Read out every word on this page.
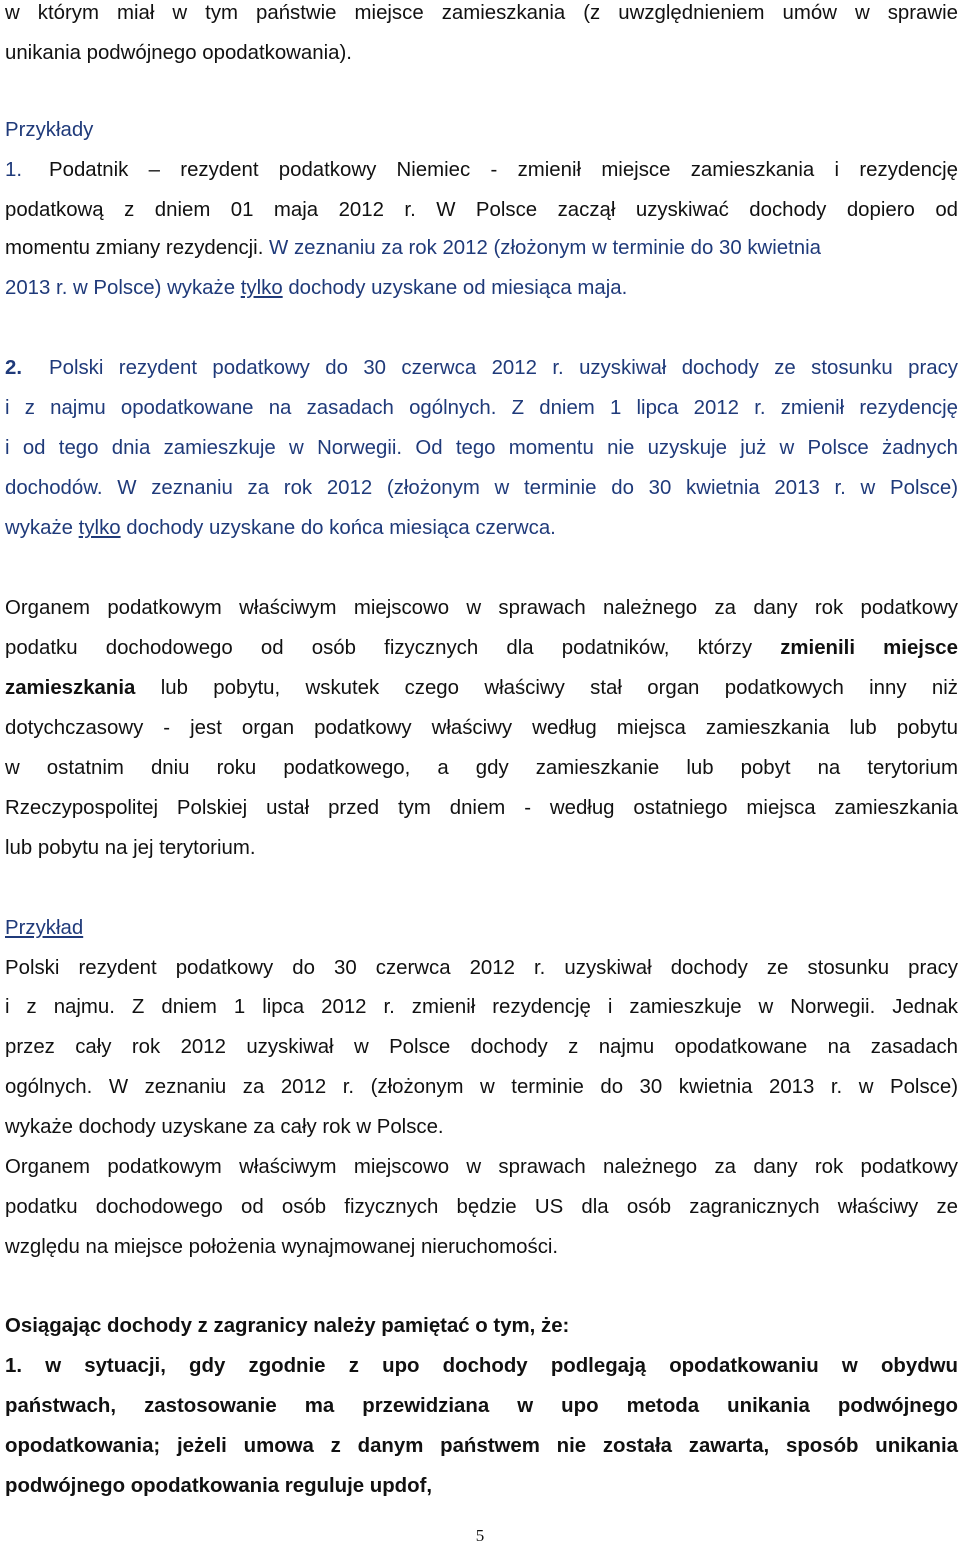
w którym miał w tym państwie miejsce zamieszkania (z uwzględnieniem umów w sprawie
unikania podwójnego opodatkowania).
Przykłady
1. Podatnik – rezydent podatkowy Niemiec - zmienił miejsce zamieszkania i rezydencję
podatkową z dniem 01 maja 2012 r. W Polsce zaczął uzyskiwać dochody dopiero od
momentu zmiany rezydencji. W zeznaniu za rok 2012 (złożonym w terminie do 30 kwietnia
2013 r. w Polsce) wykaże tylko dochody uzyskane od miesiąca maja.
2. Polski rezydent podatkowy do 30 czerwca 2012 r. uzyskiwał dochody ze stosunku pracy
i z najmu opodatkowane na zasadach ogólnych. Z dniem 1 lipca 2012 r. zmienił rezydencję
i od tego dnia zamieszkuje w Norwegii. Od tego momentu nie uzyskuje już w Polsce żadnych
dochodów. W zeznaniu za rok 2012 (złożonym w terminie do 30 kwietnia 2013 r. w Polsce)
wykaże tylko dochody uzyskane do końca miesiąca czerwca.
Organem podatkowym właściwym miejscowo w sprawach należnego za dany rok podatkowy
podatku dochodowego od osób fizycznych dla podatników, którzy zmienili miejsce
zamieszkania lub pobytu, wskutek czego właściwy stał organ podatkowych inny niż
dotychczasowy - jest organ podatkowy właściwy według miejsca zamieszkania lub pobytu
w ostatnim dniu roku podatkowego, a gdy zamieszkanie lub pobyt na terytorium
Rzeczypospolitej Polskiej ustał przed tym dniem - według ostatniego miejsca zamieszkania
lub pobytu na jej terytorium.
Przykład
Polski rezydent podatkowy do 30 czerwca 2012 r. uzyskiwał dochody ze stosunku pracy
i z najmu. Z dniem 1 lipca 2012 r. zmienił rezydencję i zamieszkuje w Norwegii. Jednak
przez cały rok 2012 uzyskiwał w Polsce dochody z najmu opodatkowane na zasadach
ogólnych. W zeznaniu za 2012 r. (złożonym w terminie do 30 kwietnia 2013 r. w Polsce)
wykaże dochody uzyskane za cały rok w Polsce.
Organem podatkowym właściwym miejscowo w sprawach należnego za dany rok podatkowy
podatku dochodowego od osób fizycznych będzie US dla osób zagranicznych właściwy ze
względu na miejsce położenia wynajmowanej nieruchomości.
Osiągając dochody z zagranicy należy pamiętać o tym, że:
1. w sytuacji, gdy zgodnie z upo dochody podlegają opodatkowaniu w obydwu
państwach, zastosowanie ma przewidziana w upo metoda unikania podwójnego
opodatkowania; jeżeli umowa z danym państwem nie została zawarta, sposób unikania
podwójnego opodatkowania reguluje updof,
5
